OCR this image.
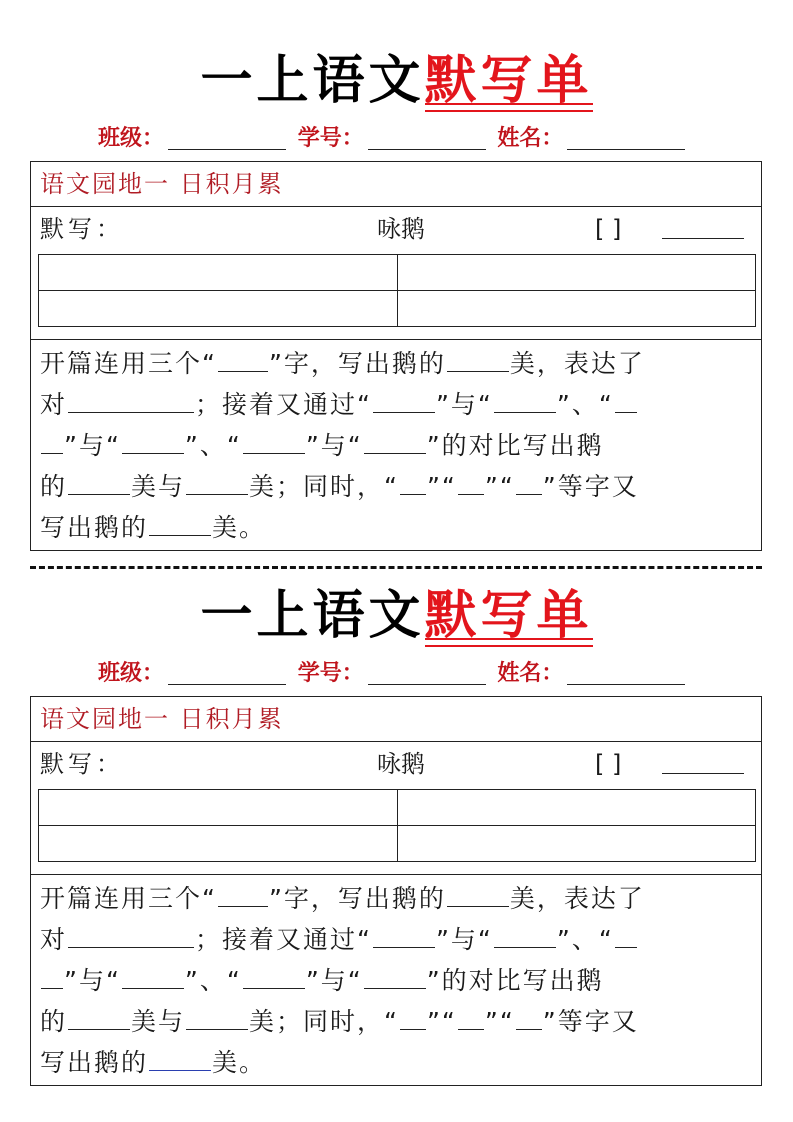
一上语文默写单
班级：	学号：	姓名：
语文园地一 日积月累
默写：	咏鹅	[ ]
开篇连用三个“ ”字，写出鹅的	美，表达了
对	；接着又通过“	”与“	”、“
”与“	”、“	”与“	”的对比写出鹅
的	美与	美；同时，“ ”“ ”“ ”等字又
写出鹅的	美。
一上语文默写单
班级：	学号：	姓名：
语文园地一 日积月累
默写：	咏鹅	[ ]
开篇连用三个“ ”字，写出鹅的	美，表达了
对	；接着又通过“	”与“	”、“
”与“	”、“	”与“	”的对比写出鹅
的	美与	美；同时，“ ”“ ”“ ”等字又
写出鹅的	美。
